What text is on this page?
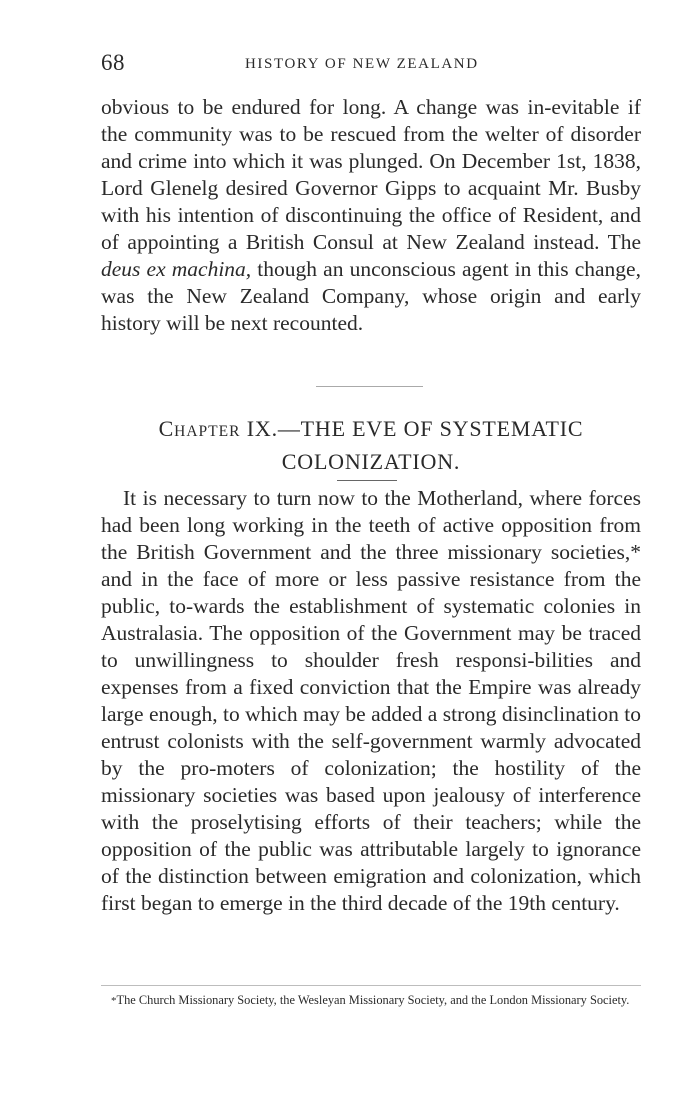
68	HISTORY OF NEW ZEALAND

obvious to be endured for long. A change was in-evitable if the community was to be rescued from the welter of disorder and crime into which it was plunged. On December 1st, 1838, Lord Glenelg desired Governor Gipps to acquaint Mr. Busby with his intention of discontinuing the office of Resident, and of appointing a British Consul at New Zealand instead. The deus ex machina, though an unconscious agent in this change, was the New Zealand Company, whose origin and early history will be next recounted.

CHAPTER IX.—THE EVE OF SYSTEMATIC
COLONIZATION.

It is necessary to turn now to the Motherland, where forces had been long working in the teeth of active opposition from the British Government and the three missionary societies,* and in the face of more or less passive resistance from the public, to-wards the establishment of systematic colonies in Australasia. The opposition of the Government may be traced to unwillingness to shoulder fresh responsi-bilities and expenses from a fixed conviction that the Empire was already large enough, to which may be added a strong disinclination to entrust colonists with the self-government warmly advocated by the pro-moters of colonization; the hostility of the missionary societies was based upon jealousy of interference with the proselytising efforts of their teachers; while the opposition of the public was attributable largely to ignorance of the distinction between emigration and colonization, which first began to emerge in the third decade of the 19th century.

*The Church Missionary Society, the Wesleyan Missionary Society, and the London Missionary Society.
